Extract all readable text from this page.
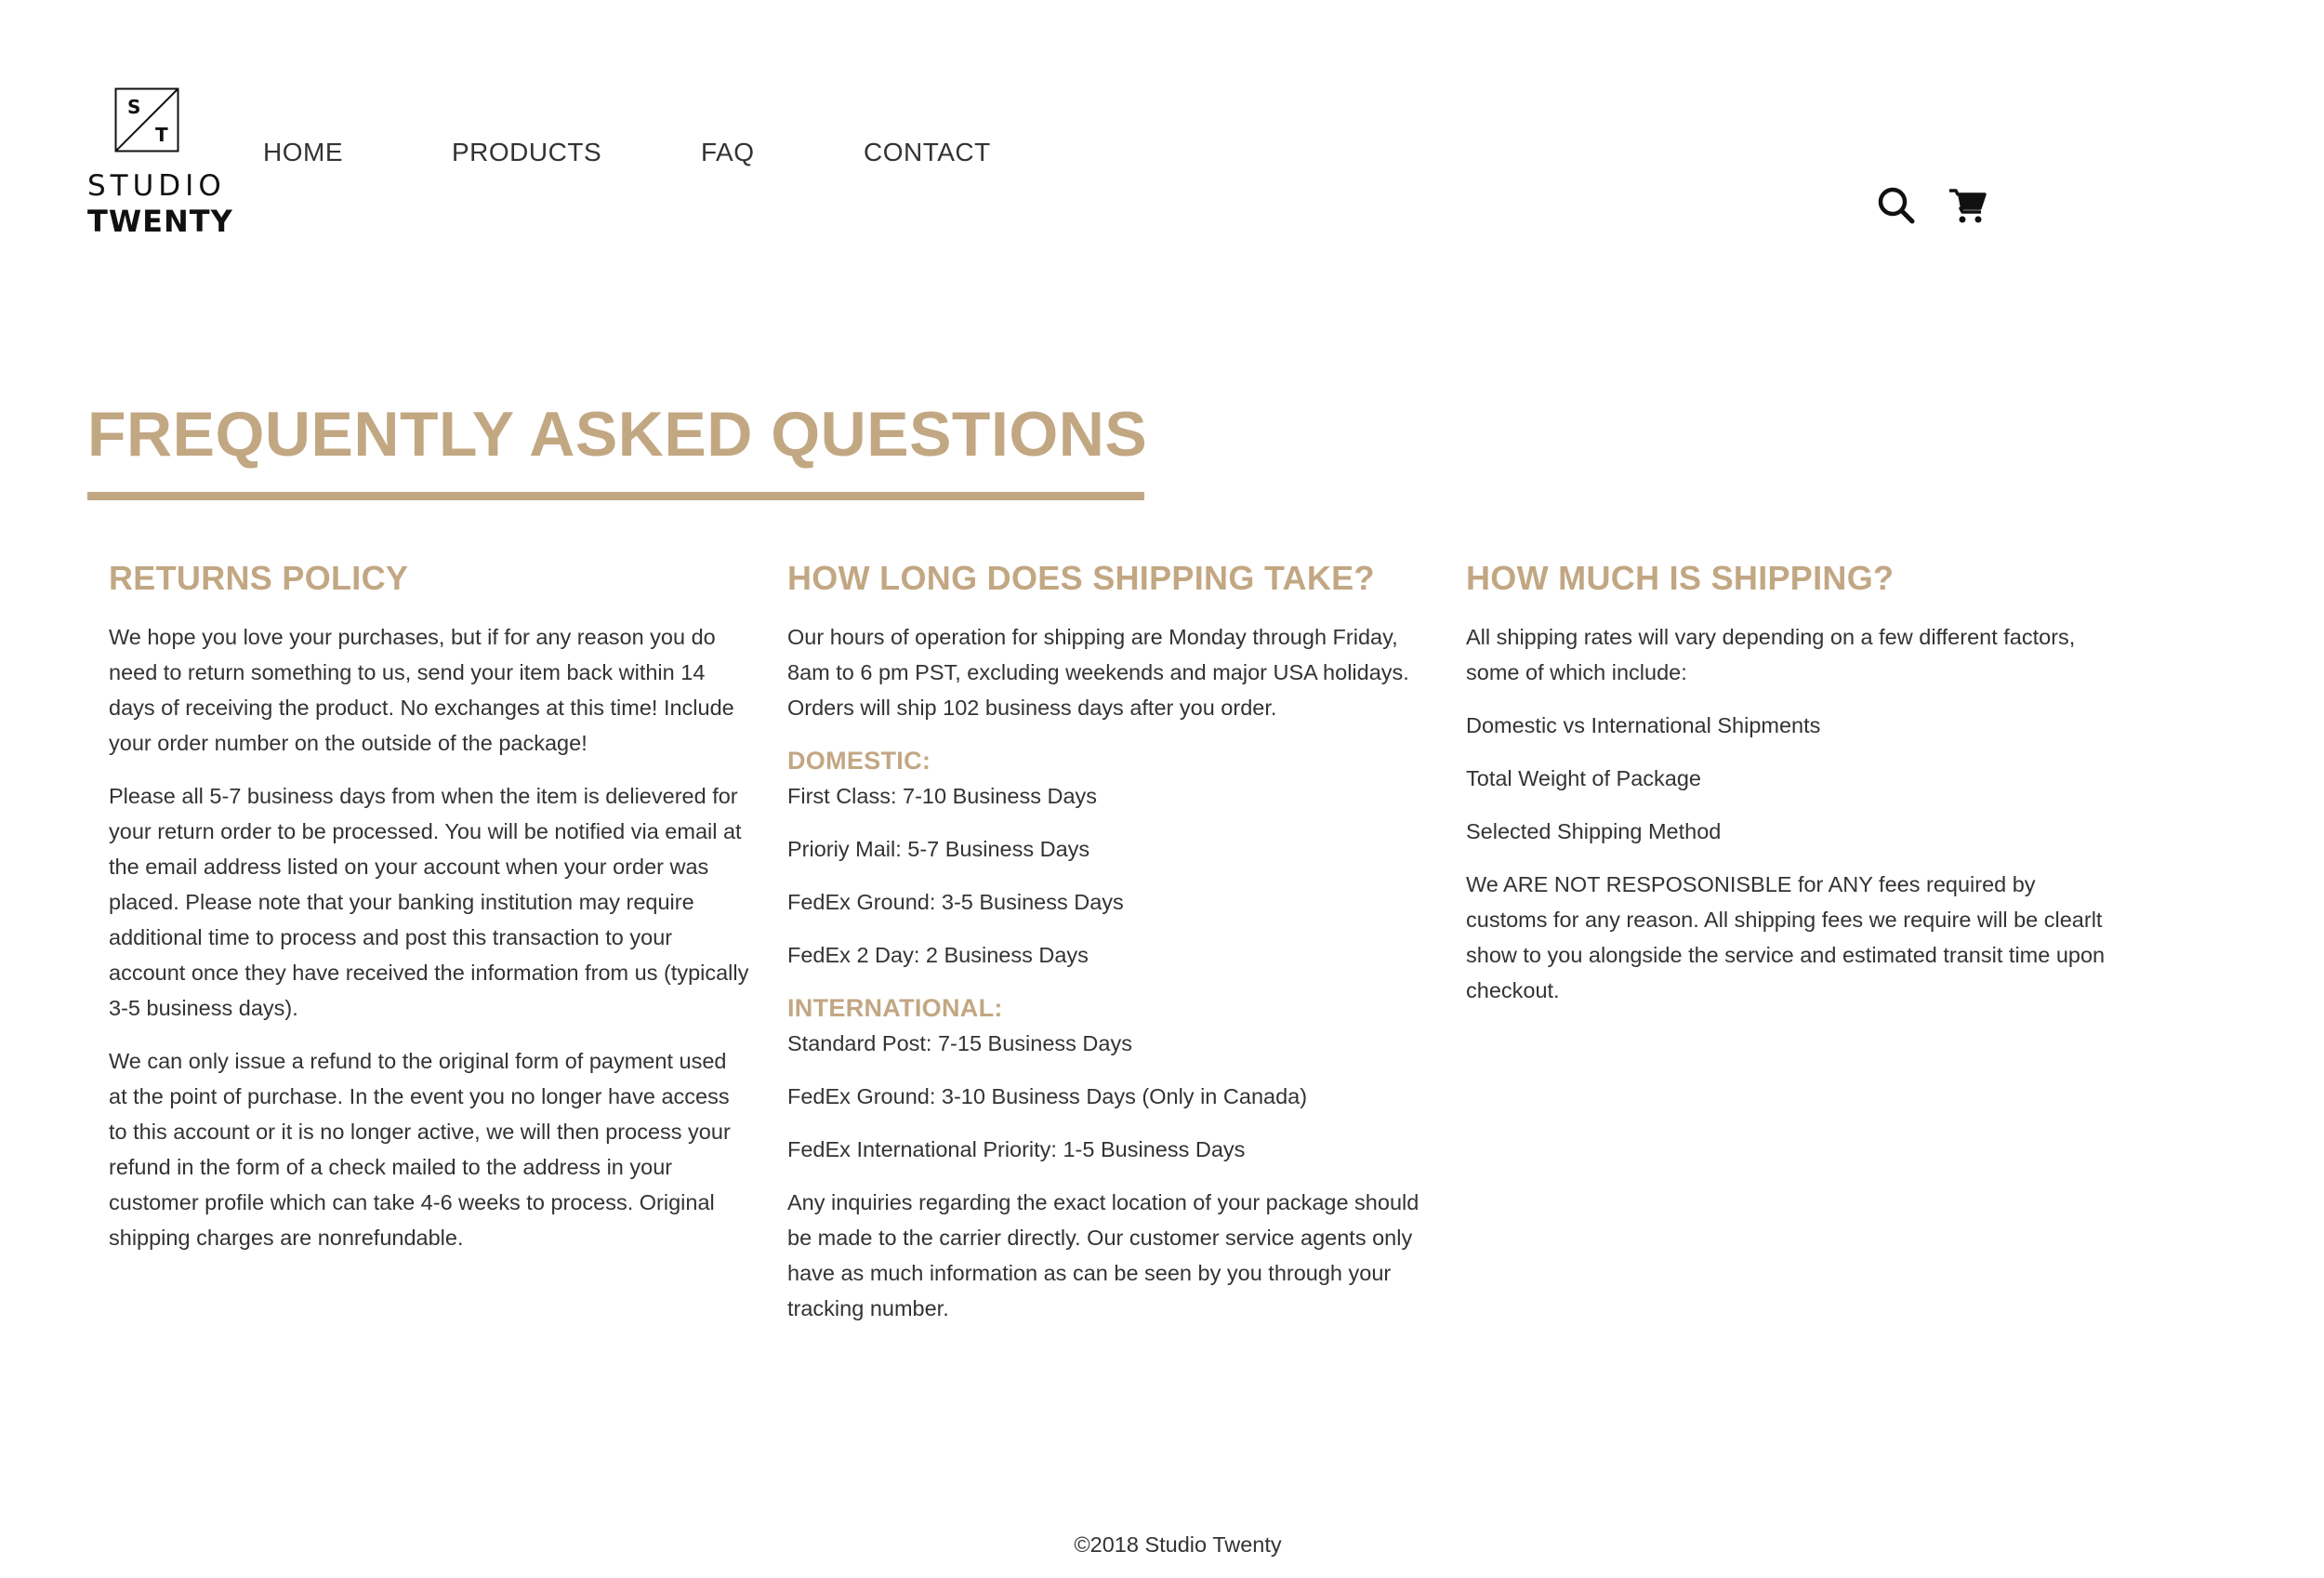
S
T
STUDIO
TWENTY
HOME	PRODUCTS	FAQ	CONTACT
FREQUENTLY ASKED QUESTIONS
RETURNS POLICY

We hope you love your purchases, but if for any reason you do need to return something to us, send your item back within 14 days of receiving the product. No exchanges at this time! Include your order number on the outside of the package!

Please all 5-7 business days from when the item is delievered for your return order to be processed. You will be notified via email at the email address listed on your account when your order was placed. Please note that your banking institution may require additional time to process and post this transaction to your account once they have received the information from us (typically 3-5 business days).

We can only issue a refund to the original form of payment used at the point of purchase. In the event you no longer have access to this account or it is no longer active, we will then process your refund in the form of a check mailed to the address in your customer profile which can take 4-6 weeks to process. Original shipping charges are nonrefundable.

HOW LONG DOES SHIPPING TAKE?

Our hours of operation for shipping are Monday through Friday, 8am to 6 pm PST, excluding weekends and major USA holidays. Orders will ship 102 business days after you order.

DOMESTIC:

First Class: 7-10 Business Days

Prioriy Mail: 5-7 Business Days

FedEx Ground: 3-5 Business Days

FedEx 2 Day: 2 Business Days

INTERNATIONAL:

Standard Post: 7-15 Business Days

FedEx Ground: 3-10 Business Days (Only in Canada)

FedEx International Priority: 1-5 Business Days

Any inquiries regarding the exact location of your package should be made to the carrier directly. Our customer service agents only have as much information as can be seen by you through your tracking number.

HOW MUCH IS SHIPPING?

All shipping rates will vary depending on a few different factors, some of which include:

Domestic vs International Shipments

Total Weight of Package

Selected Shipping Method

We ARE NOT RESPOSONISBLE for ANY fees required by customs for any reason. All shipping fees we require will be clearlt show to you alongside the service and estimated transit time upon checkout.

©2018 Studio Twenty
